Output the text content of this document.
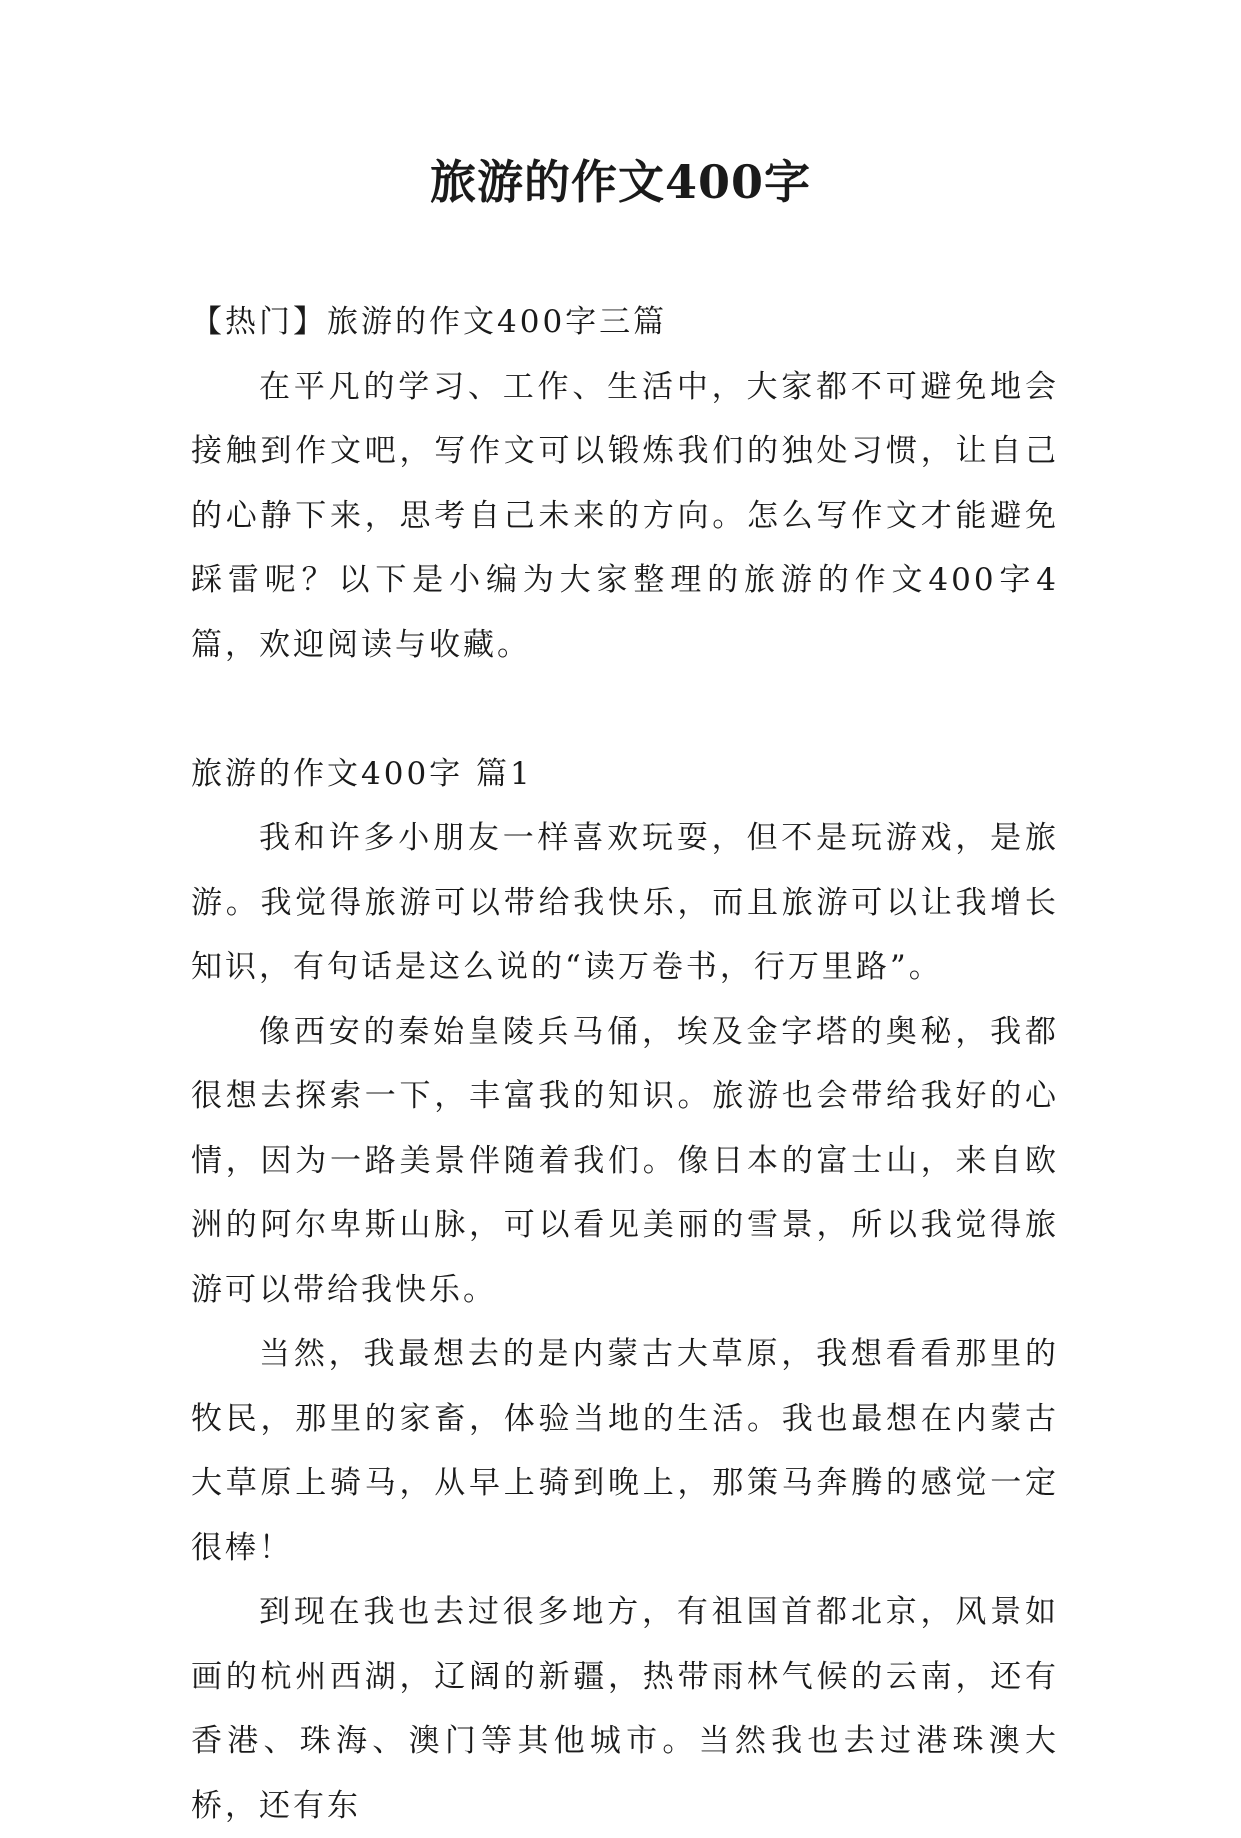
旅游的作文400字

【热门】旅游的作文400字三篇

在平凡的学习、工作、生活中，大家都不可避免地会接触到作文吧，写作文可以锻炼我们的独处习惯，让自己的心静下来，思考自己未来的方向。怎么写作文才能避免踩雷呢？以下是小编为大家整理的旅游的作文400字4篇，欢迎阅读与收藏。

旅游的作文400字 篇1

我和许多小朋友一样喜欢玩耍，但不是玩游戏，是旅游。我觉得旅游可以带给我快乐，而且旅游可以让我增长知识，有句话是这么说的“读万卷书，行万里路”。

像西安的秦始皇陵兵马俑，埃及金字塔的奥秘，我都很想去探索一下，丰富我的知识。旅游也会带给我好的心情，因为一路美景伴随着我们。像日本的富士山，来自欧洲的阿尔卑斯山脉，可以看见美丽的雪景，所以我觉得旅游可以带给我快乐。

当然，我最想去的是内蒙古大草原，我想看看那里的牧民，那里的家畜，体验当地的生活。我也最想在内蒙古大草原上骑马，从早上骑到晚上，那策马奔腾的感觉一定很棒！

到现在我也去过很多地方，有祖国首都北京，风景如画的杭州西湖，辽阔的新疆，热带雨林气候的云南，还有香港、珠海、澳门等其他城市。当然我也去过港珠澳大桥，还有东
